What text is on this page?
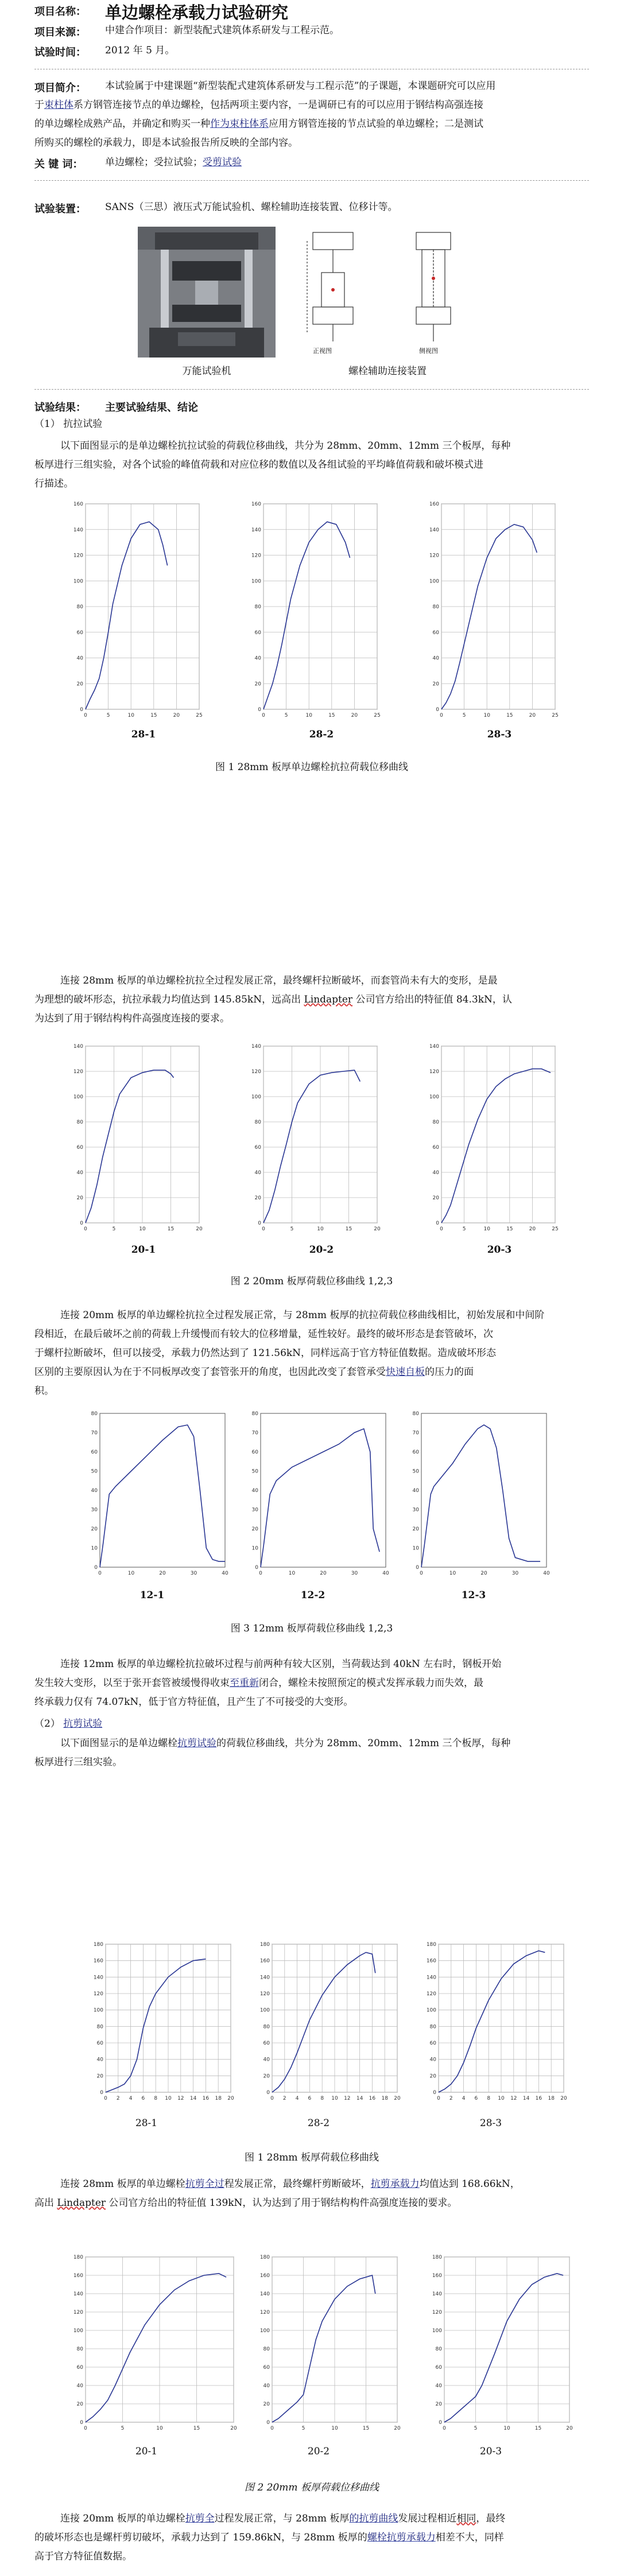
项目名称： 单边螺栓承载力试验研究
项目来源： 中建合作项目：新型装配式建筑体系研发与工程示范。
试验时间： 2012 年 5 月。
项目简介： 本试验属于中建课题“新型装配式建筑体系研发与工程示范”的子课题，本课题研究可以应用
于束柱体系方钢管连接节点的单边螺栓，包括两项主要内容，一是调研已有的可以应用于钢结构高强连接
的单边螺栓成熟产品，并确定和购买一种作为束柱体系应用方钢管连接的节点试验的单边螺栓；二是测试
所购买的螺栓的承载力，即是本试验报告所反映的全部内容。
关 键 词： 单边螺栓；受拉试验；受剪试验
试验装置： SANS（三思）液压式万能试验机、螺栓辅助连接装置、位移计等。
万能试验机
正视图	侧视图
螺栓辅助连接装置
试验结果： 主要试验结果、结论
（1） 抗拉试验
以下面图显示的是单边螺栓抗拉试验的荷载位移曲线，共分为 28mm、20mm、12mm 三个板厚，每种
板厚进行三组实验，对各个试验的峰值荷载和对应位移的数值以及各组试验的平均峰值荷载和破坏模式进
行描述。
0
20
40
60
80
100
120
140
160
0	5	10	15	20	25
0
20
40
60
80
100
120
140
160
0	5	10	15	20	25
0
20
40
60
80
100
120
140
160
0	5	10	15	20	25
28-1	28-2	28-3
图 1 28mm 板厚单边螺栓抗拉荷载位移曲线
连接 28mm 板厚的单边螺栓抗拉全过程发展正常，最终螺杆拉断破坏，而套管尚未有大的变形，是最
为理想的破坏形态，抗拉承载力均值达到 145.85kN，远高出 Lindapter 公司官方给出的特征值 84.3kN，认
为达到了用于钢结构构件高强度连接的要求。
0
20
40
60
80
100
120
140
0	5	10	15	20
0
20
40
60
80
100
120
140
0	5	10	15	20
0
20
40
60
80
100
120
140
0	5	10	15	20	25
20-1	20-2	20-3
图 2 20mm 板厚荷载位移曲线 1,2,3
连接 20mm 板厚的单边螺栓抗拉全过程发展正常，与 28mm 板厚的抗拉荷载位移曲线相比，初始发展和中间阶
段相近，在最后破坏之前的荷载上升缓慢而有较大的位移增量，延性较好。最终的破坏形态是套管破坏，次
于螺杆拉断破坏，但可以接受，承载力仍然达到了 121.56kN，同样远高于官方特征值数据。造成破坏形态
区别的主要原因认为在于不同板厚改变了套管张开的角度，也因此改变了套管承受快速自板的压力的面
积。
0
10
20
30
40
50
60
70
80
0	10	20	30	40
0
10
20
30
40
50
60
70
80
0	10	20	30	40
0
10
20
30
40
50
60
70
80
0	10	20	30	40
12-1	12-2	12-3
图 3 12mm 板厚荷载位移曲线 1,2,3
连接 12mm 板厚的单边螺栓抗拉破坏过程与前两种有较大区别，当荷载达到 40kN 左右时，钢板开始
发生较大变形，以至于张开套管被缓慢得收束至重新闭合，螺栓未按照预定的模式发挥承载力而失效，最
终承载力仅有 74.07kN，低于官方特征值，且产生了不可接受的大变形。
（2） 抗剪试验
以下面图显示的是单边螺栓抗剪试验的荷载位移曲线，共分为 28mm、20mm、12mm 三个板厚，每种
板厚进行三组实验。
0
20
40
60
80
100
120
140
160
180
0 2 4 6 8 10 12 14 16 18 20
0
20
40
60
80
100
120
140
160
180
0 2 4 6 8 10 12 14 16 18 20
0
20
40
60
80
100
120
140
160
180
0 2 4 6 8 10 12 14 16 18 20
28-1	28-2	28-3
图 1 28mm 板厚荷载位移曲线
连接 28mm 板厚的单边螺栓抗剪全过程发展正常，最终螺杆剪断破坏，抗剪承载力均值达到 168.66kN，
高出 Lindapter 公司官方给出的特征值 139kN，认为达到了用于钢结构构件高强度连接的要求。
0
20
40
60
80
100
120
140
160
180
0	5	10	15	20
0
20
40
60
80
100
120
140
160
180
0	5	10	15	20
0
20
40
60
80
100
120
140
160
180
0	5	10	15	20
20-1	20-2	20-3
图 2 20mm 板厚荷载位移曲线
连接 20mm 板厚的单边螺栓抗剪全过程发展正常，与 28mm 板厚的抗剪曲线发展过程相近相同，最终
的破坏形态也是螺杆剪切破坏，承载力达到了 159.86kN，与 28mm 板厚的螺栓抗剪承载力相差不大，同样
高于官方特征值数据。
